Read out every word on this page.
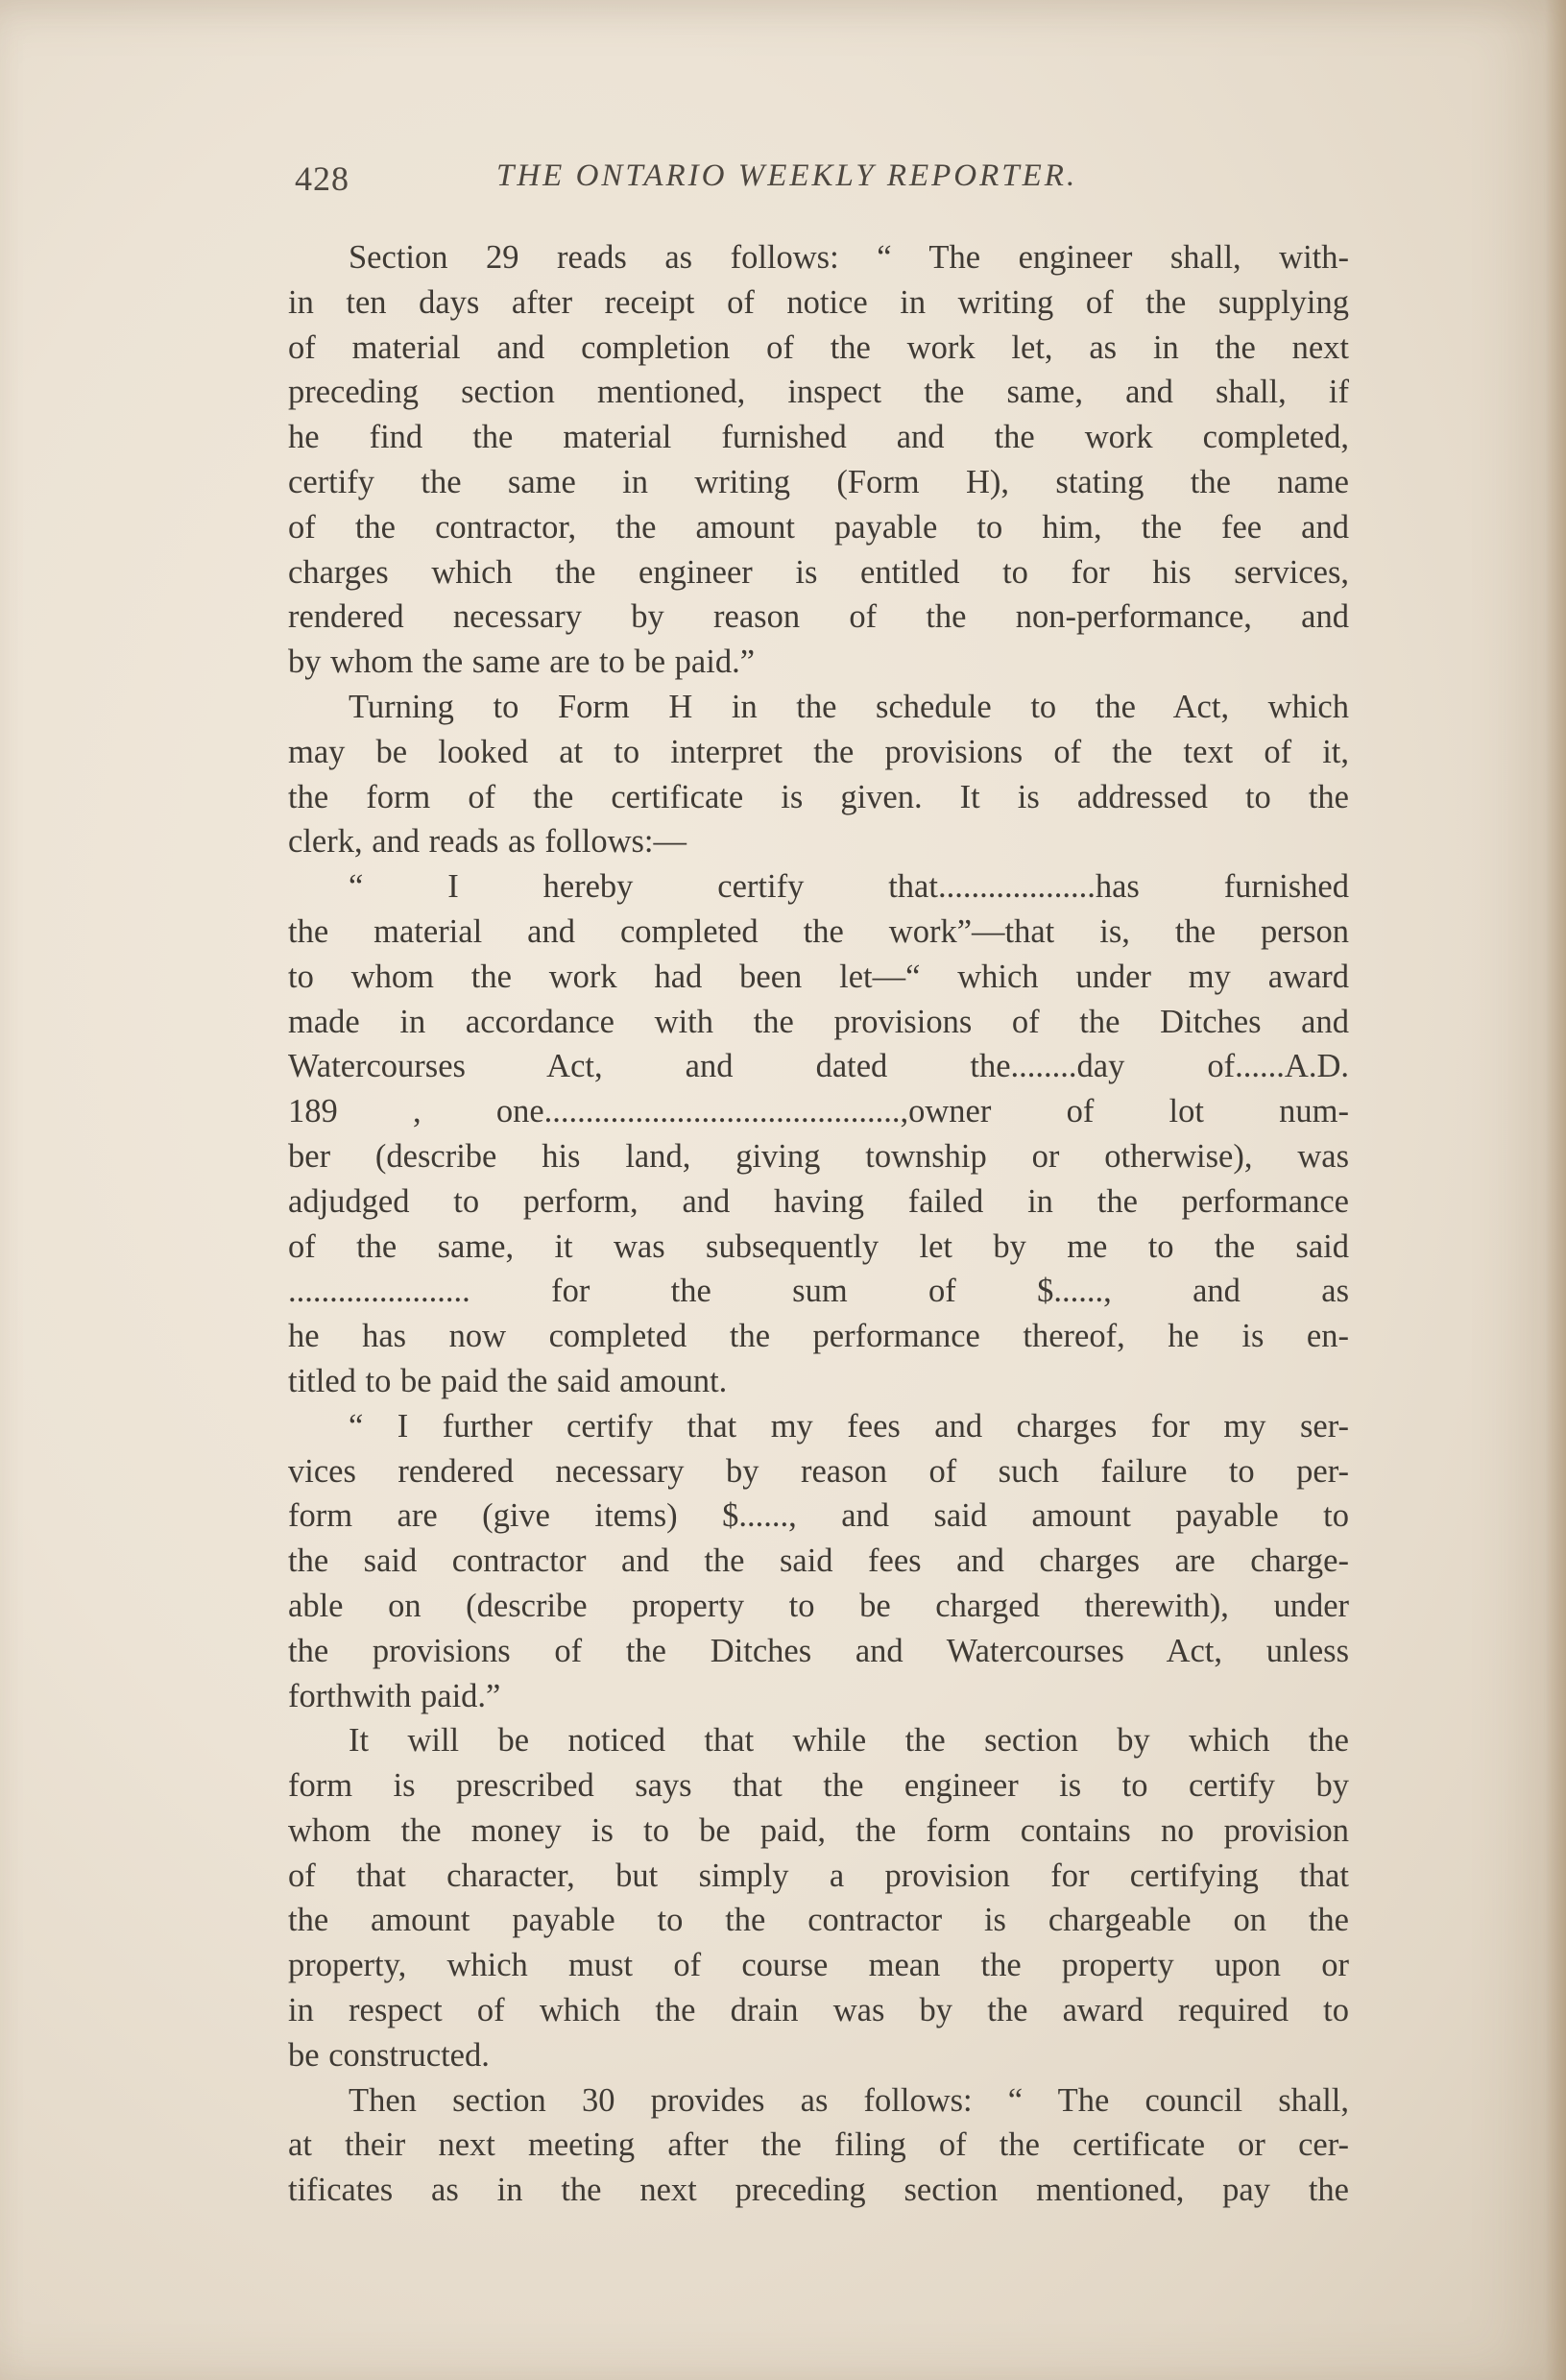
428	THE ONTARIO WEEKLY REPORTER.
Section 29 reads as follows: “ The engineer shall, with-
in ten days after receipt of notice in writing of the supplying
of material and completion of the work let, as in the next
preceding section mentioned, inspect the same, and shall, if
he find the material furnished and the work completed,
certify the same in writing (Form H), stating the name
of the contractor, the amount payable to him, the fee and
charges which the engineer is entitled to for his services,
rendered necessary by reason of the non-performance, and
by whom the same are to be paid.”
Turning to Form H in the schedule to the Act, which
may be looked at to interpret the provisions of the text of it,
the form of the certificate is given. It is addressed to the
clerk, and reads as follows:—
“ I hereby certify that...................has furnished
the material and completed the work”—that is, the person
to whom the work had been let—“ which under my award
made in accordance with the provisions of the Ditches and
Watercourses Act, and dated the........day of......A.D.
189 , one...........................................,owner of lot num-
ber (describe his land, giving township or otherwise), was
adjudged to perform, and having failed in the performance
of the same, it was subsequently let by me to the said
...................... for the sum of $......, and as
he has now completed the performance thereof, he is en-
titled to be paid the said amount.
“ I further certify that my fees and charges for my ser-
vices rendered necessary by reason of such failure to per-
form are (give items) $......, and said amount payable to
the said contractor and the said fees and charges are charge-
able on (describe property to be charged therewith), under
the provisions of the Ditches and Watercourses Act, unless
forthwith paid.”
It will be noticed that while the section by which the
form is prescribed says that the engineer is to certify by
whom the money is to be paid, the form contains no provision
of that character, but simply a provision for certifying that
the amount payable to the contractor is chargeable on the
property, which must of course mean the property upon or
in respect of which the drain was by the award required to
be constructed.
Then section 30 provides as follows: “ The council shall,
at their next meeting after the filing of the certificate or cer-
tificates as in the next preceding section mentioned, pay the
